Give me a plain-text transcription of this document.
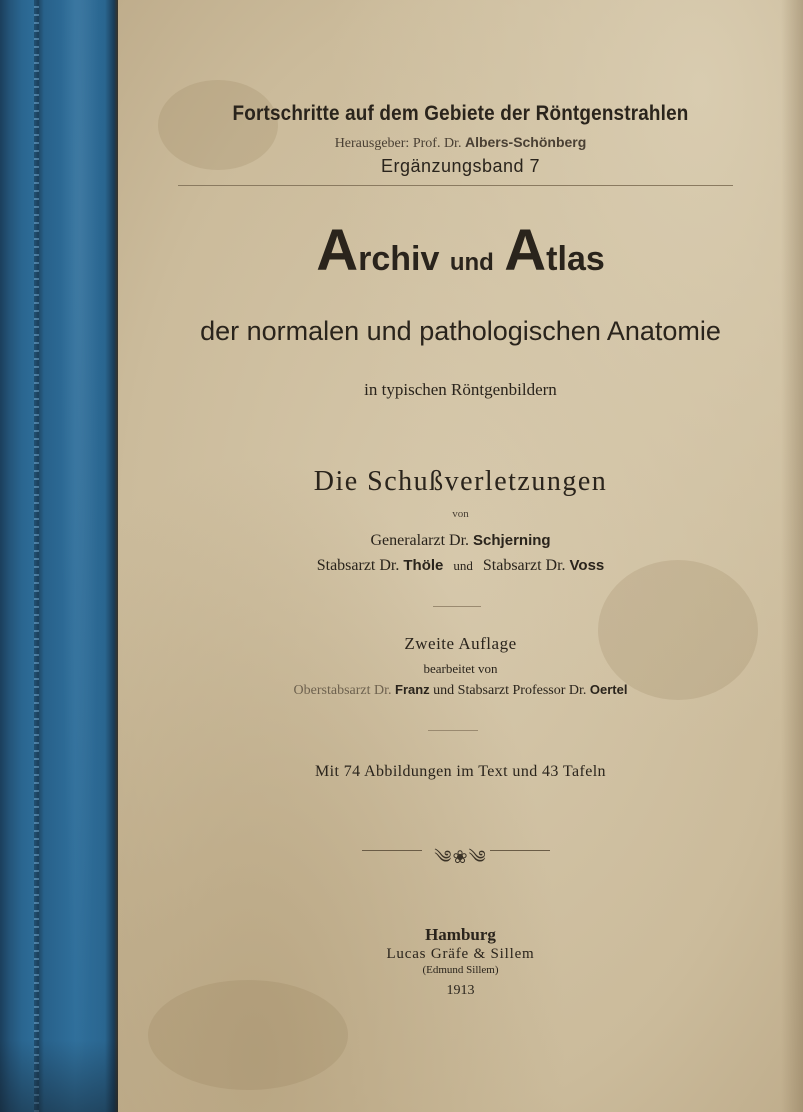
Fortschritte auf dem Gebiete der Röntgenstrahlen
Herausgeber: Prof. Dr. Albers-Schönberg
Ergänzungsband 7
Archiv und Atlas
der normalen und pathologischen Anatomie
in typischen Röntgenbildern
Die Schußverletzungen
von
Generalarzt Dr. Schjerning
Stabsarzt Dr. Thöle und Stabsarzt Dr. Voss
Zweite Auflage
bearbeitet von
Oberstabsarzt Dr. Franz und Stabsarzt Professor Dr. Oertel
Mit 74 Abbildungen im Text und 43 Tafeln
༄❀༄
Hamburg
Lucas Gräfe & Sillem
(Edmund Sillem)
1913
